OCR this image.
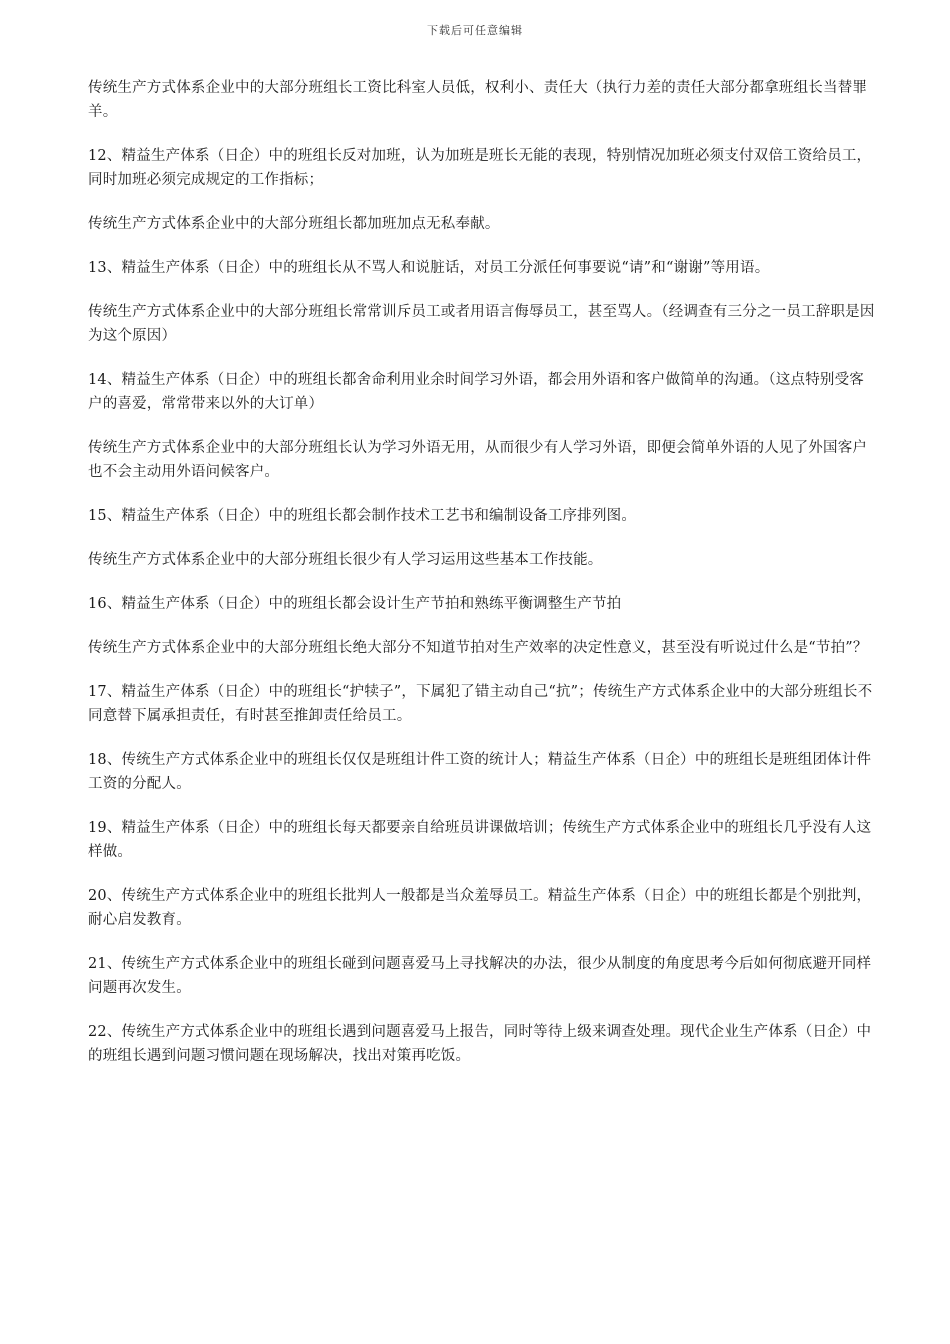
下载后可任意编辑

传统生产方式体系企业中的大部分班组长工资比科室人员低，权利小、责任大（执行力差的责任大部分都拿班组长当替罪羊。

12、精益生产体系（日企）中的班组长反对加班，认为加班是班长无能的表现，特别情况加班必须支付双倍工资给员工，同时加班必须完成规定的工作指标；

传统生产方式体系企业中的大部分班组长都加班加点无私奉献。

13、精益生产体系（日企）中的班组长从不骂人和说脏话，对员工分派任何事要说“请”和“谢谢”等用语。

传统生产方式体系企业中的大部分班组长常常训斥员工或者用语言侮辱员工，甚至骂人。（经调查有三分之一员工辞职是因为这个原因）

14、精益生产体系（日企）中的班组长都舍命利用业余时间学习外语，都会用外语和客户做简单的沟通。（这点特别受客户的喜爱，常常带来以外的大订单）

传统生产方式体系企业中的大部分班组长认为学习外语无用，从而很少有人学习外语，即便会简单外语的人见了外国客户也不会主动用外语问候客户。

15、精益生产体系（日企）中的班组长都会制作技术工艺书和编制设备工序排列图。

传统生产方式体系企业中的大部分班组长很少有人学习运用这些基本工作技能。

16、精益生产体系（日企）中的班组长都会设计生产节拍和熟练平衡调整生产节拍

传统生产方式体系企业中的大部分班组长绝大部分不知道节拍对生产效率的决定性意义，甚至没有听说过什么是“节拍”？

17、精益生产体系（日企）中的班组长“护犊子”，下属犯了错主动自己“抗”；传统生产方式体系企业中的大部分班组长不同意替下属承担责任，有时甚至推卸责任给员工。

18、传统生产方式体系企业中的班组长仅仅是班组计件工资的统计人；精益生产体系（日企）中的班组长是班组团体计件工资的分配人。

19、精益生产体系（日企）中的班组长每天都要亲自给班员讲课做培训；传统生产方式体系企业中的班组长几乎没有人这样做。

20、传统生产方式体系企业中的班组长批判人一般都是当众羞辱员工。精益生产体系（日企）中的班组长都是个别批判，耐心启发教育。

21、传统生产方式体系企业中的班组长碰到问题喜爱马上寻找解决的办法，很少从制度的角度思考今后如何彻底避开同样问题再次发生。

22、传统生产方式体系企业中的班组长遇到问题喜爱马上报告，同时等待上级来调查处理。现代企业生产体系（日企）中的班组长遇到问题习惯问题在现场解决，找出对策再吃饭。
